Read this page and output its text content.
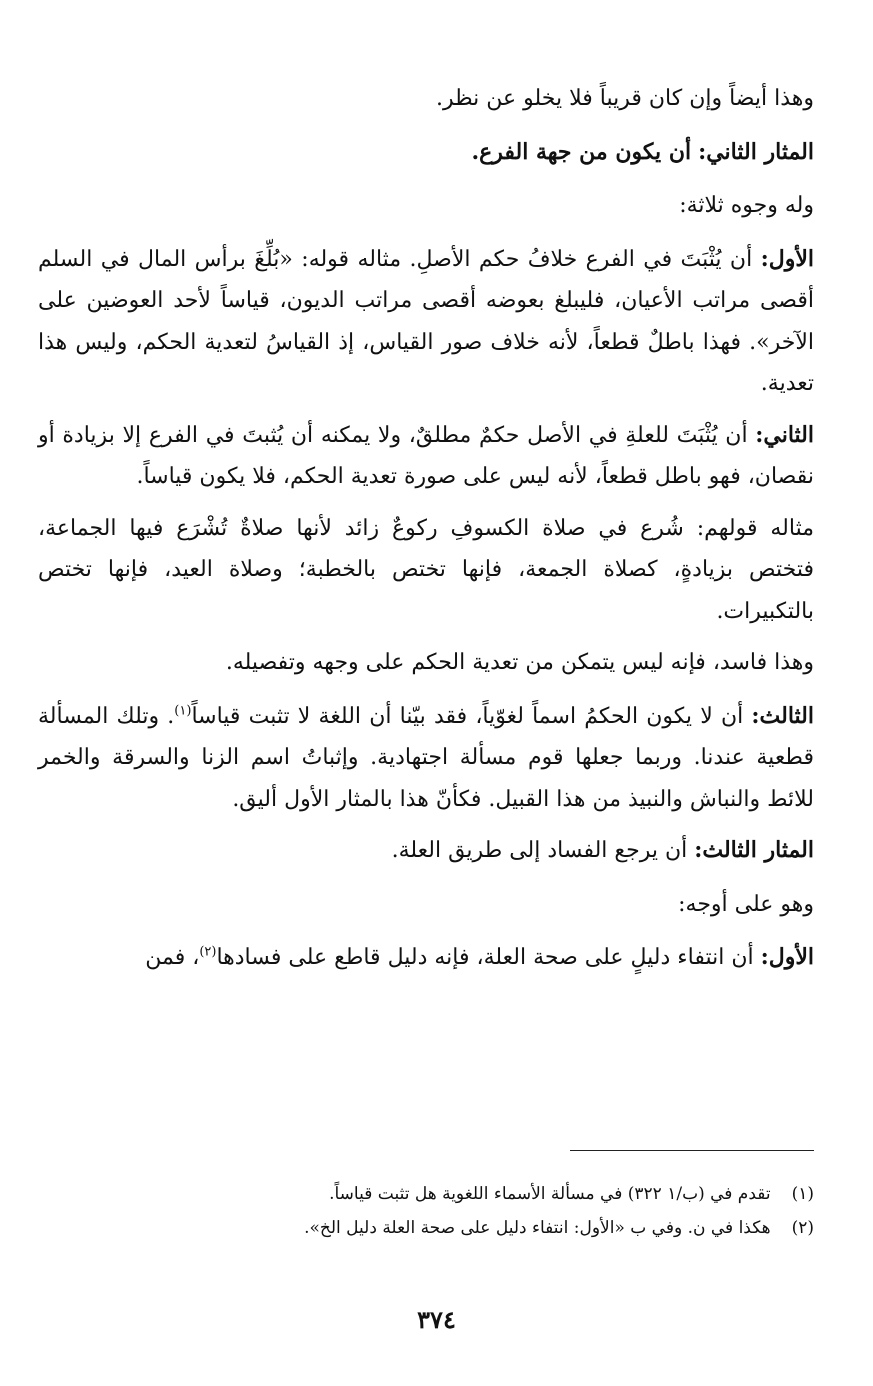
وهذا أيضاً وإن كان قريباً فلا يخلو عن نظر.

المثار الثاني: أن يكون من جهة الفرع.

وله وجوه ثلاثة:

الأول: أن يُثْبَتَ في الفرع خلافُ حكم الأصلِ. مثاله قوله: «بُلِّغَ برأس المال في السلم أقصى مراتب الأعيان، فليبلغ بعوضه أقصى مراتب الديون، قياساً لأحد العوضين على الآخر». فهذا باطلٌ قطعاً، لأنه خلاف صور القياس، إذ القياسُ لتعدية الحكم، وليس هذا تعدية.

الثاني: أن يُثْبَتَ للعلةِ في الأصل حكمٌ مطلقٌ، ولا يمكنه أن يُثبتَ في الفرع إلا بزيادة أو نقصان، فهو باطل قطعاً، لأنه ليس على صورة تعدية الحكم، فلا يكون قياساً.

مثاله قولهم: شُرع في صلاة الكسوفِ ركوعٌ زائد لأنها صلاةٌ تُشْرَع فيها الجماعة، فتختص بزيادةٍ، كصلاة الجمعة، فإنها تختص بالخطبة؛ وصلاة العيد، فإنها تختص بالتكبيرات.

وهذا فاسد، فإنه ليس يتمكن من تعدية الحكم على وجهه وتفصيله.

الثالث: أن لا يكون الحكمُ اسماً لغوّياً، فقد بيّنا أن اللغة لا تثبت قياساً$^{(١)}$. وتلك المسألة قطعية عندنا. وربما جعلها قوم مسألة اجتهادية. وإثباتُ اسم الزنا والسرقة والخمر للائط والنباش والنبيذ من هذا القبيل. فكأنّ هذا بالمثار الأول أليق.

المثار الثالث: أن يرجع الفساد إلى طريق العلة.

وهو على أوجه:

الأول: أن انتفاء دليلٍ على صحة العلة، فإنه دليل قاطع على فسادها$^{(٢)}$، فمن

(١) تقدم في (ب/١ ٣٢٢) في مسألة الأسماء اللغوية هل تثبت قياساً.

(٢) هكذا في ن. وفي ب «الأول: انتفاء دليل على صحة العلة دليل الخ».

٣٧٤
